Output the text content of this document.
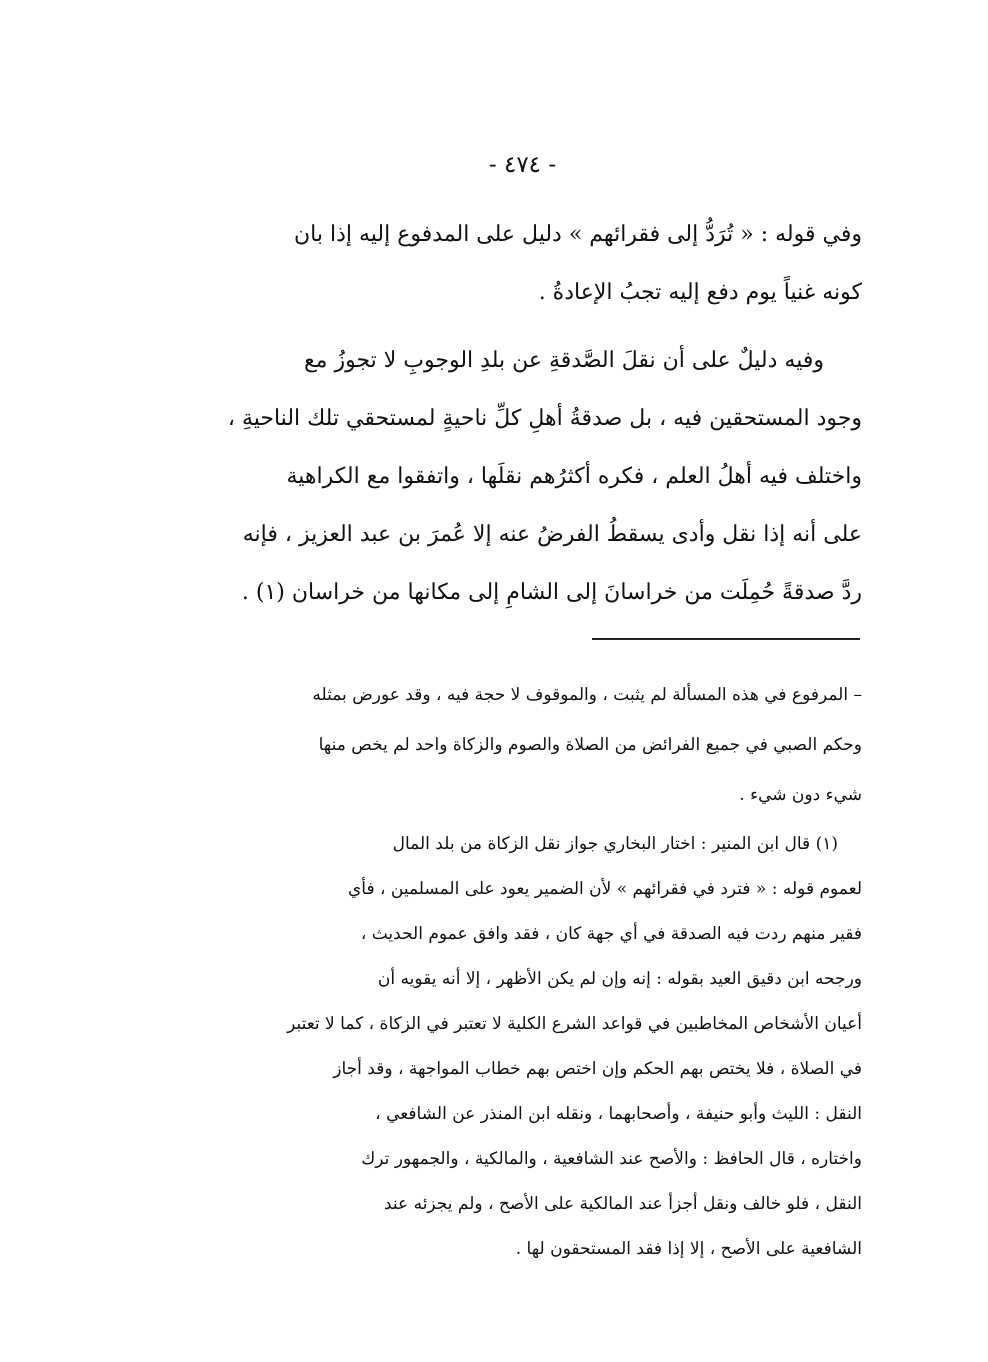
- ٤٧٤ -
وفي قوله : « تُرَدُّ إلى فقرائهم » دليل على المدفوع إليه إذا بان
كونه غنياً يوم دفع إليه تجبُ الإعادةُ .
وفيه دليلٌ على أن نقلَ الصَّدقةِ عن بلدِ الوجوبِ لا تجوزُ مع
وجود المستحقين فيه ، بل صدقةُ أهلِ كلِّ ناحيةٍ لمستحقي تلك الناحيةِ ،
واختلف فيه أهلُ العلم ، فكره أكثرُهم نقلَها ، واتفقوا مع الكراهية
على أنه إذا نقل وأدى يسقطُ الفرضُ عنه إلا عُمرَ بن عبد العزيز ، فإنه
ردَّ صدقةً حُمِلَت من خراسانَ إلى الشامِ إلى مكانها من خراسان (١) .
– المرفوع في هذه المسألة لم يثبت ، والموقوف لا حجة فيه ، وقد عورض بمثله
وحكم الصبي في جميع الفرائض من الصلاة والصوم والزكاة واحد لم يخص منها
شيء دون شيء .
(١) قال ابن المنير : اختار البخاري جواز نقل الزكاة من بلد المال
لعموم قوله : « فترد في فقرائهم » لأن الضمير يعود على المسلمين ، فأي
فقير منهم ردت فيه الصدقة في أي جهة كان ، فقد وافق عموم الحديث ،
ورجحه ابن دقيق العيد بقوله : إنه وإن لم يكن الأظهر ، إلا أنه يقويه أن
أعيان الأشخاص المخاطبين في قواعد الشرع الكلية لا تعتبر في الزكاة ، كما لا تعتبر
في الصلاة ، فلا يختص بهم الحكم وإن اختص بهم خطاب المواجهة ، وقد أجاز
النقل : الليث وأبو حنيفة ، وأصحابهما ، ونقله ابن المنذر عن الشافعي ،
واختاره ، قال الحافظ : والأصح عند الشافعية ، والمالكية ، والجمهور ترك
النقل ، فلو خالف ونقل أجزأ عند المالكية على الأصح ، ولم يجزئه عند
الشافعية على الأصح ، إلا إذا فقد المستحقون لها .
